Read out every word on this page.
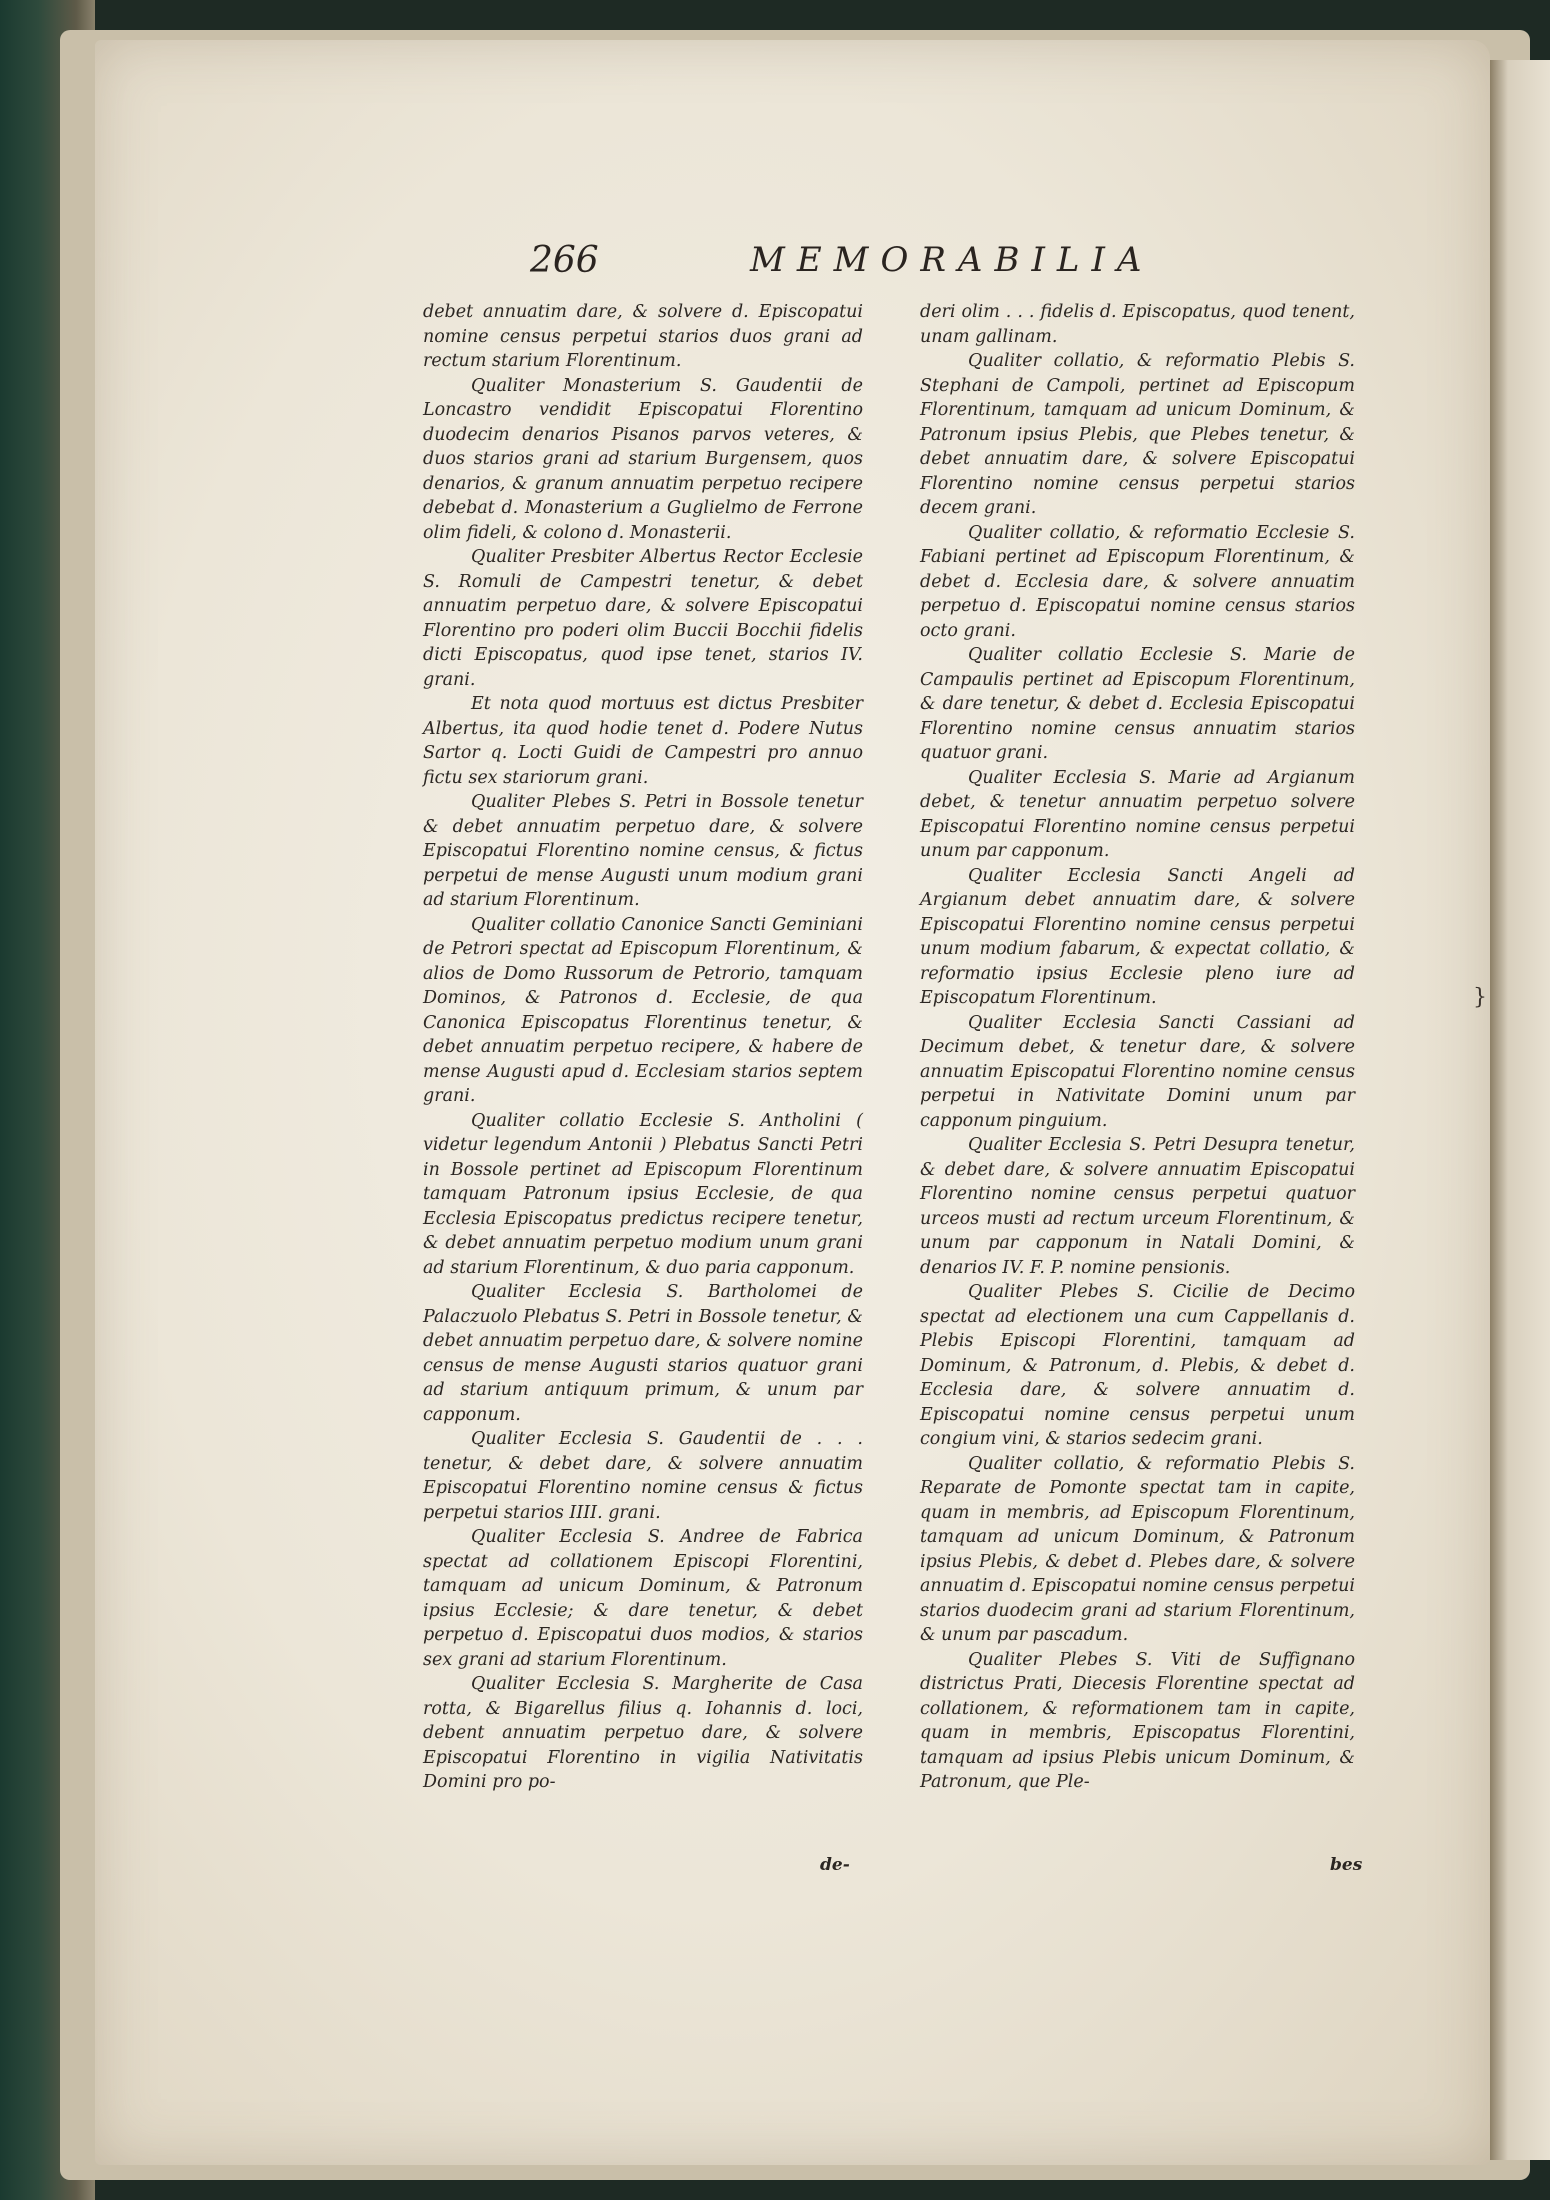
266	MEMORABILIA

debet annuatim dare, & solvere d. Episcopatui nomine census perpetui starios duos grani ad rectum starium Florentinum.

Qualiter Monasterium S. Gaudentii de Loncastro vendidit Episcopatui Florentino duodecim denarios Pisanos parvos veteres, & duos starios grani ad starium Burgensem, quos denarios, & granum annuatim perpetuo recipere debebat d. Monasterium a Guglielmo de Ferrone olim fideli, & colono d. Monasterii.

Qualiter Presbiter Albertus Rector Ecclesie S. Romuli de Campestri tenetur, & debet annuatim perpetuo dare, & solvere Episcopatui Florentino pro poderi olim Buccii Bocchii fidelis dicti Episcopatus, quod ipse tenet, starios IV. grani.

Et nota quod mortuus est dictus Presbiter Albertus, ita quod hodie tenet d. Podere Nutus Sartor q. Locti Guidi de Campestri pro annuo fictu sex stariorum grani.

Qualiter Plebes S. Petri in Bossole tenetur & debet annuatim perpetuo dare, & solvere Episcopatui Florentino nomine census, & fictus perpetui de mense Augusti unum modium grani ad starium Florentinum.

Qualiter collatio Canonice Sancti Geminiani de Petrori spectat ad Episcopum Florentinum, & alios de Domo Russorum de Petrorio, tamquam Dominos, & Patronos d. Ecclesie, de qua Canonica Episcopatus Florentinus tenetur, & debet annuatim perpetuo recipere, & habere de mense Augusti apud d. Ecclesiam starios septem grani.

Qualiter collatio Ecclesie S. Antholini ( videtur legendum Antonii ) Plebatus Sancti Petri in Bossole pertinet ad Episcopum Florentinum tamquam Patronum ipsius Ecclesie, de qua Ecclesia Episcopatus predictus recipere tenetur, & debet annuatim perpetuo modium unum grani ad starium Florentinum, & duo paria capponum.

Qualiter Ecclesia S. Bartholomei de Palaczuolo Plebatus S. Petri in Bossole tenetur, & debet annuatim perpetuo dare, & solvere nomine census de mense Augusti starios quatuor grani ad starium antiquum primum, & unum par capponum.

Qualiter Ecclesia S. Gaudentii de . . . tenetur, & debet dare, & solvere annuatim Episcopatui Florentino nomine census & fictus perpetui starios IIII. grani.

Qualiter Ecclesia S. Andree de Fabrica spectat ad collationem Episcopi Florentini, tamquam ad unicum Dominum, & Patronum ipsius Ecclesie; & dare tenetur, & debet perpetuo d. Episcopatui duos modios, & starios sex grani ad starium Florentinum.

Qualiter Ecclesia S. Margherite de Casa rotta, & Bigarellus filius q. Iohannis d. loci, debent annuatim perpetuo dare, & solvere Episcopatui Florentino in vigilia Nativitatis Domini pro po-

deri olim . . . fidelis d. Episcopatus, quod tenent, unam gallinam.

Qualiter collatio, & reformatio Plebis S. Stephani de Campoli, pertinet ad Episcopum Florentinum, tamquam ad unicum Dominum, & Patronum ipsius Plebis, que Plebes tenetur, & debet annuatim dare, & solvere Episcopatui Florentino nomine census perpetui starios decem grani.

Qualiter collatio, & reformatio Ecclesie S. Fabiani pertinet ad Episcopum Florentinum, & debet d. Ecclesia dare, & solvere annuatim perpetuo d. Episcopatui nomine census starios octo grani.

Qualiter collatio Ecclesie S. Marie de Campaulis pertinet ad Episcopum Florentinum, & dare tenetur, & debet d. Ecclesia Episcopatui Florentino nomine census annuatim starios quatuor grani.

Qualiter Ecclesia S. Marie ad Argianum debet, & tenetur annuatim perpetuo solvere Episcopatui Florentino nomine census perpetui unum par capponum.

Qualiter Ecclesia Sancti Angeli ad Argianum debet annuatim dare, & solvere Episcopatui Florentino nomine census perpetui unum modium fabarum, & expectat collatio, & reformatio ipsius Ecclesie pleno iure ad Episcopatum Florentinum.

Qualiter Ecclesia Sancti Cassiani ad Decimum debet, & tenetur dare, & solvere annuatim Episcopatui Florentino nomine census perpetui in Nativitate Domini unum par capponum pinguium.

Qualiter Ecclesia S. Petri Desupra tenetur, & debet dare, & solvere annuatim Episcopatui Florentino nomine census perpetui quatuor urceos musti ad rectum urceum Florentinum, & unum par capponum in Natali Domini, & denarios IV. F. P. nomine pensionis.

Qualiter Plebes S. Cicilie de Decimo spectat ad electionem una cum Cappellanis d. Plebis Episcopi Florentini, tamquam ad Dominum, & Patronum, d. Plebis, & debet d. Ecclesia dare, & solvere annuatim d. Episcopatui nomine census perpetui unum congium vini, & starios sedecim grani.

Qualiter collatio, & reformatio Plebis S. Reparate de Pomonte spectat tam in capite, quam in membris, ad Episcopum Florentinum, tamquam ad unicum Dominum, & Patronum ipsius Plebis, & debet d. Plebes dare, & solvere annuatim d. Episcopatui nomine census perpetui starios duodecim grani ad starium Florentinum, & unum par pascadum.

Qualiter Plebes S. Viti de Suffignano districtus Prati, Diecesis Florentine spectat ad collationem, & reformationem tam in capite, quam in membris, Episcopatus Florentini, tamquam ad ipsius Plebis unicum Dominum, & Patronum, que Ple-

de-	bes
}
